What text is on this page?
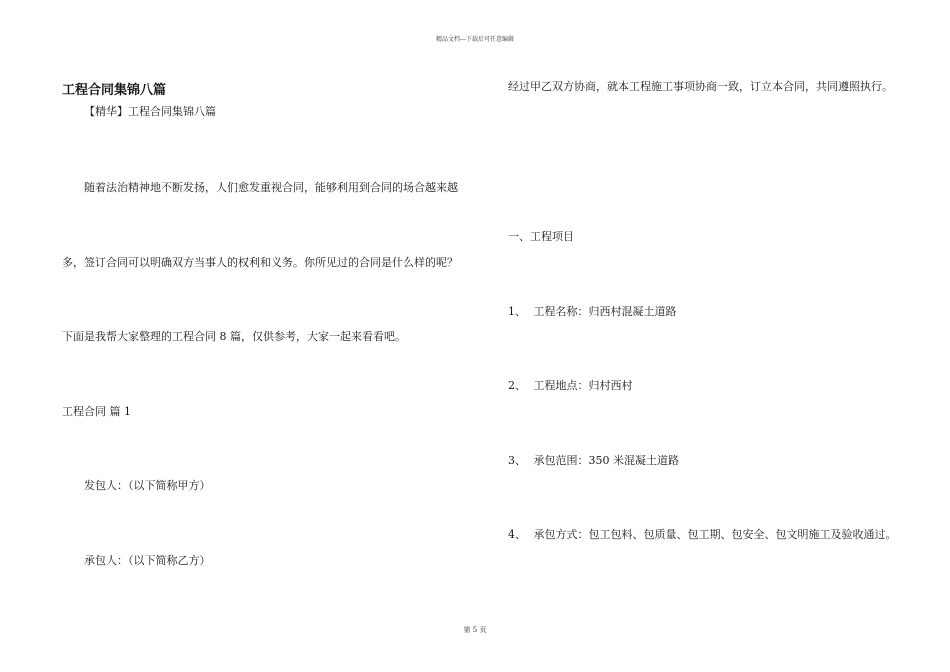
精品文档---下载后可任意编辑
工程合同集锦八篇
【精华】工程合同集锦八篇
随着法治精神地不断发扬，人们愈发重视合同，能够利用到合同的场合越来越
多，签订合同可以明确双方当事人的权利和义务。你所见过的合同是什么样的呢？
下面是我帮大家整理的工程合同 8 篇，仅供参考，大家一起来看看吧。
工程合同 篇 1
发包人：（以下简称甲方）
承包人：（以下简称乙方）
经过甲乙双方协商，就本工程施工事项协商一致，订立本合同，共同遵照执行。
一、工程项目
1、 工程名称：归西村混凝土道路
2、 工程地点：归村西村
3、 承包范围：350 米混凝土道路
4、 承包方式：包工包料、包质量、包工期、包安全、包文明施工及验收通过。
第 5 页
